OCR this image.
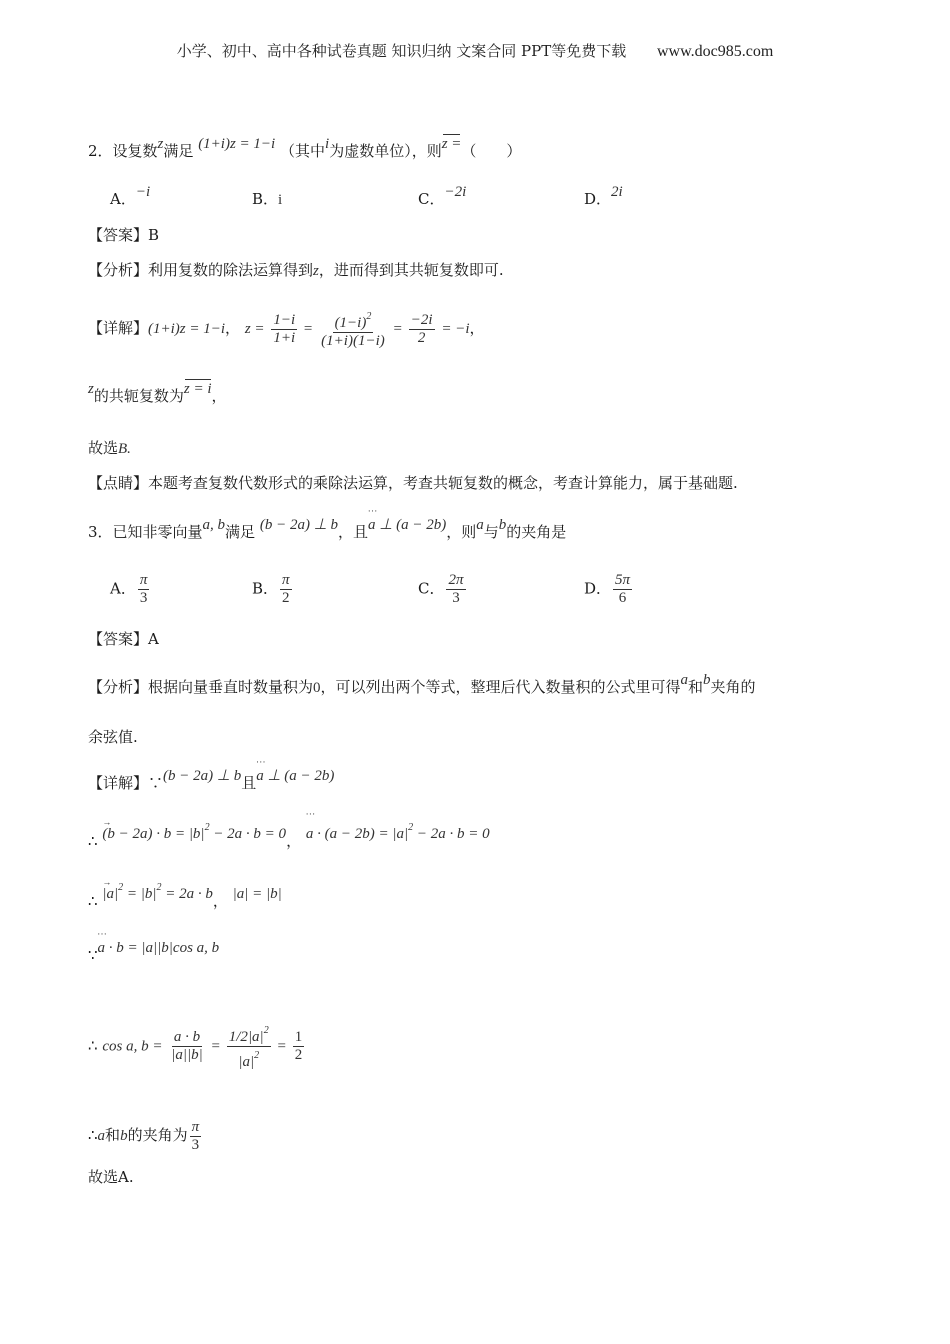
小学、初中、高中各种试卷真题 知识归纳 文案合同 PPT等免费下载 www.doc985.com
2．设复数z满足 (1+i)z = 1−i （其中i为虚数单位），则z =（　　）
A．−i	B．i	C．−2i	D．2i
【答案】B
【分析】利用复数的除法运算得到z，进而得到其共轭复数即可.
【详解】(1+i)z = 1−i， $z = \frac{1-i}{1+i} = \frac{(1-i)^2}{(1+i)(1-i)} = \frac{-2i}{2} = -i$，
z的共轭复数为z = i，
故选B.
【点睛】本题考查复数代数形式的乘除法运算，考查共轭复数的概念，考查计算能力，属于基础题.
3．已知非零向量a, b满足 (b − 2a) ⊥ b，且··· a ⊥ (a − 2b)，则a与b的夹角是
A． $\frac{\pi}{3}$	B． $\frac{\pi}{2}$	C． $\frac{2\pi}{3}$	D． $\frac{5\pi}{6}$
【答案】A
【分析】根据向量垂直时数量积为0，可以列出两个等式，整理后代入数量积的公式里可得a和b夹角的
余弦值.
【详解】∵(b − 2a) ⊥ b且··· a ⊥ (a − 2b)
∴ → $(b - 2a) \cdot b = |b|^2 - 2a \cdot b = 0$， ··· $a \cdot (a - 2b) = |a|^2 - 2a \cdot b = 0$
∴ → $|a|^2 = |b|^2 = 2a \cdot b$， |a| = |b|
∵··· a · b = |a||b|cos a, b
∴ cos a, $b = \frac{a \cdot b}{|a||b|} = \frac{1/2|a|^2}{|a|^2} = \frac{1}{2}$
∴a和b的夹角为 $\frac{\pi}{3}$
故选A.
